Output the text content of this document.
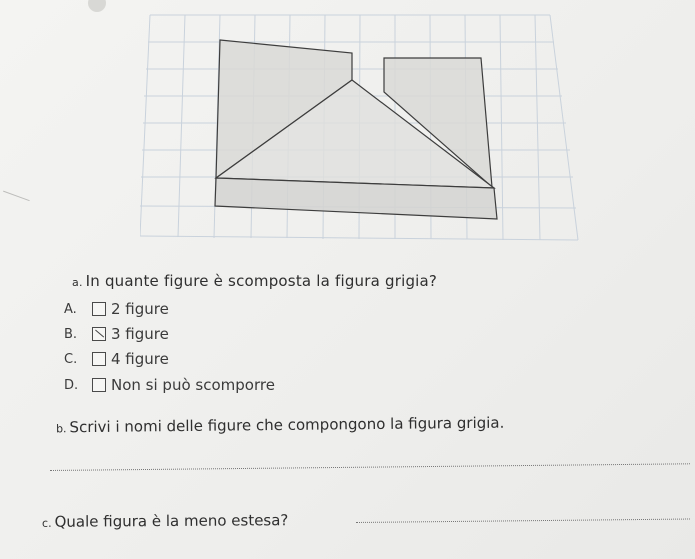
a. In quante figure è scomposta la figura grigia?
A.	2 figure
B.	3 figure
C.	4 figure
D.	Non si può scomporre
b. Scrivi i nomi delle figure che compongono la figura grigia.
c. Quale figura è la meno estesa?
